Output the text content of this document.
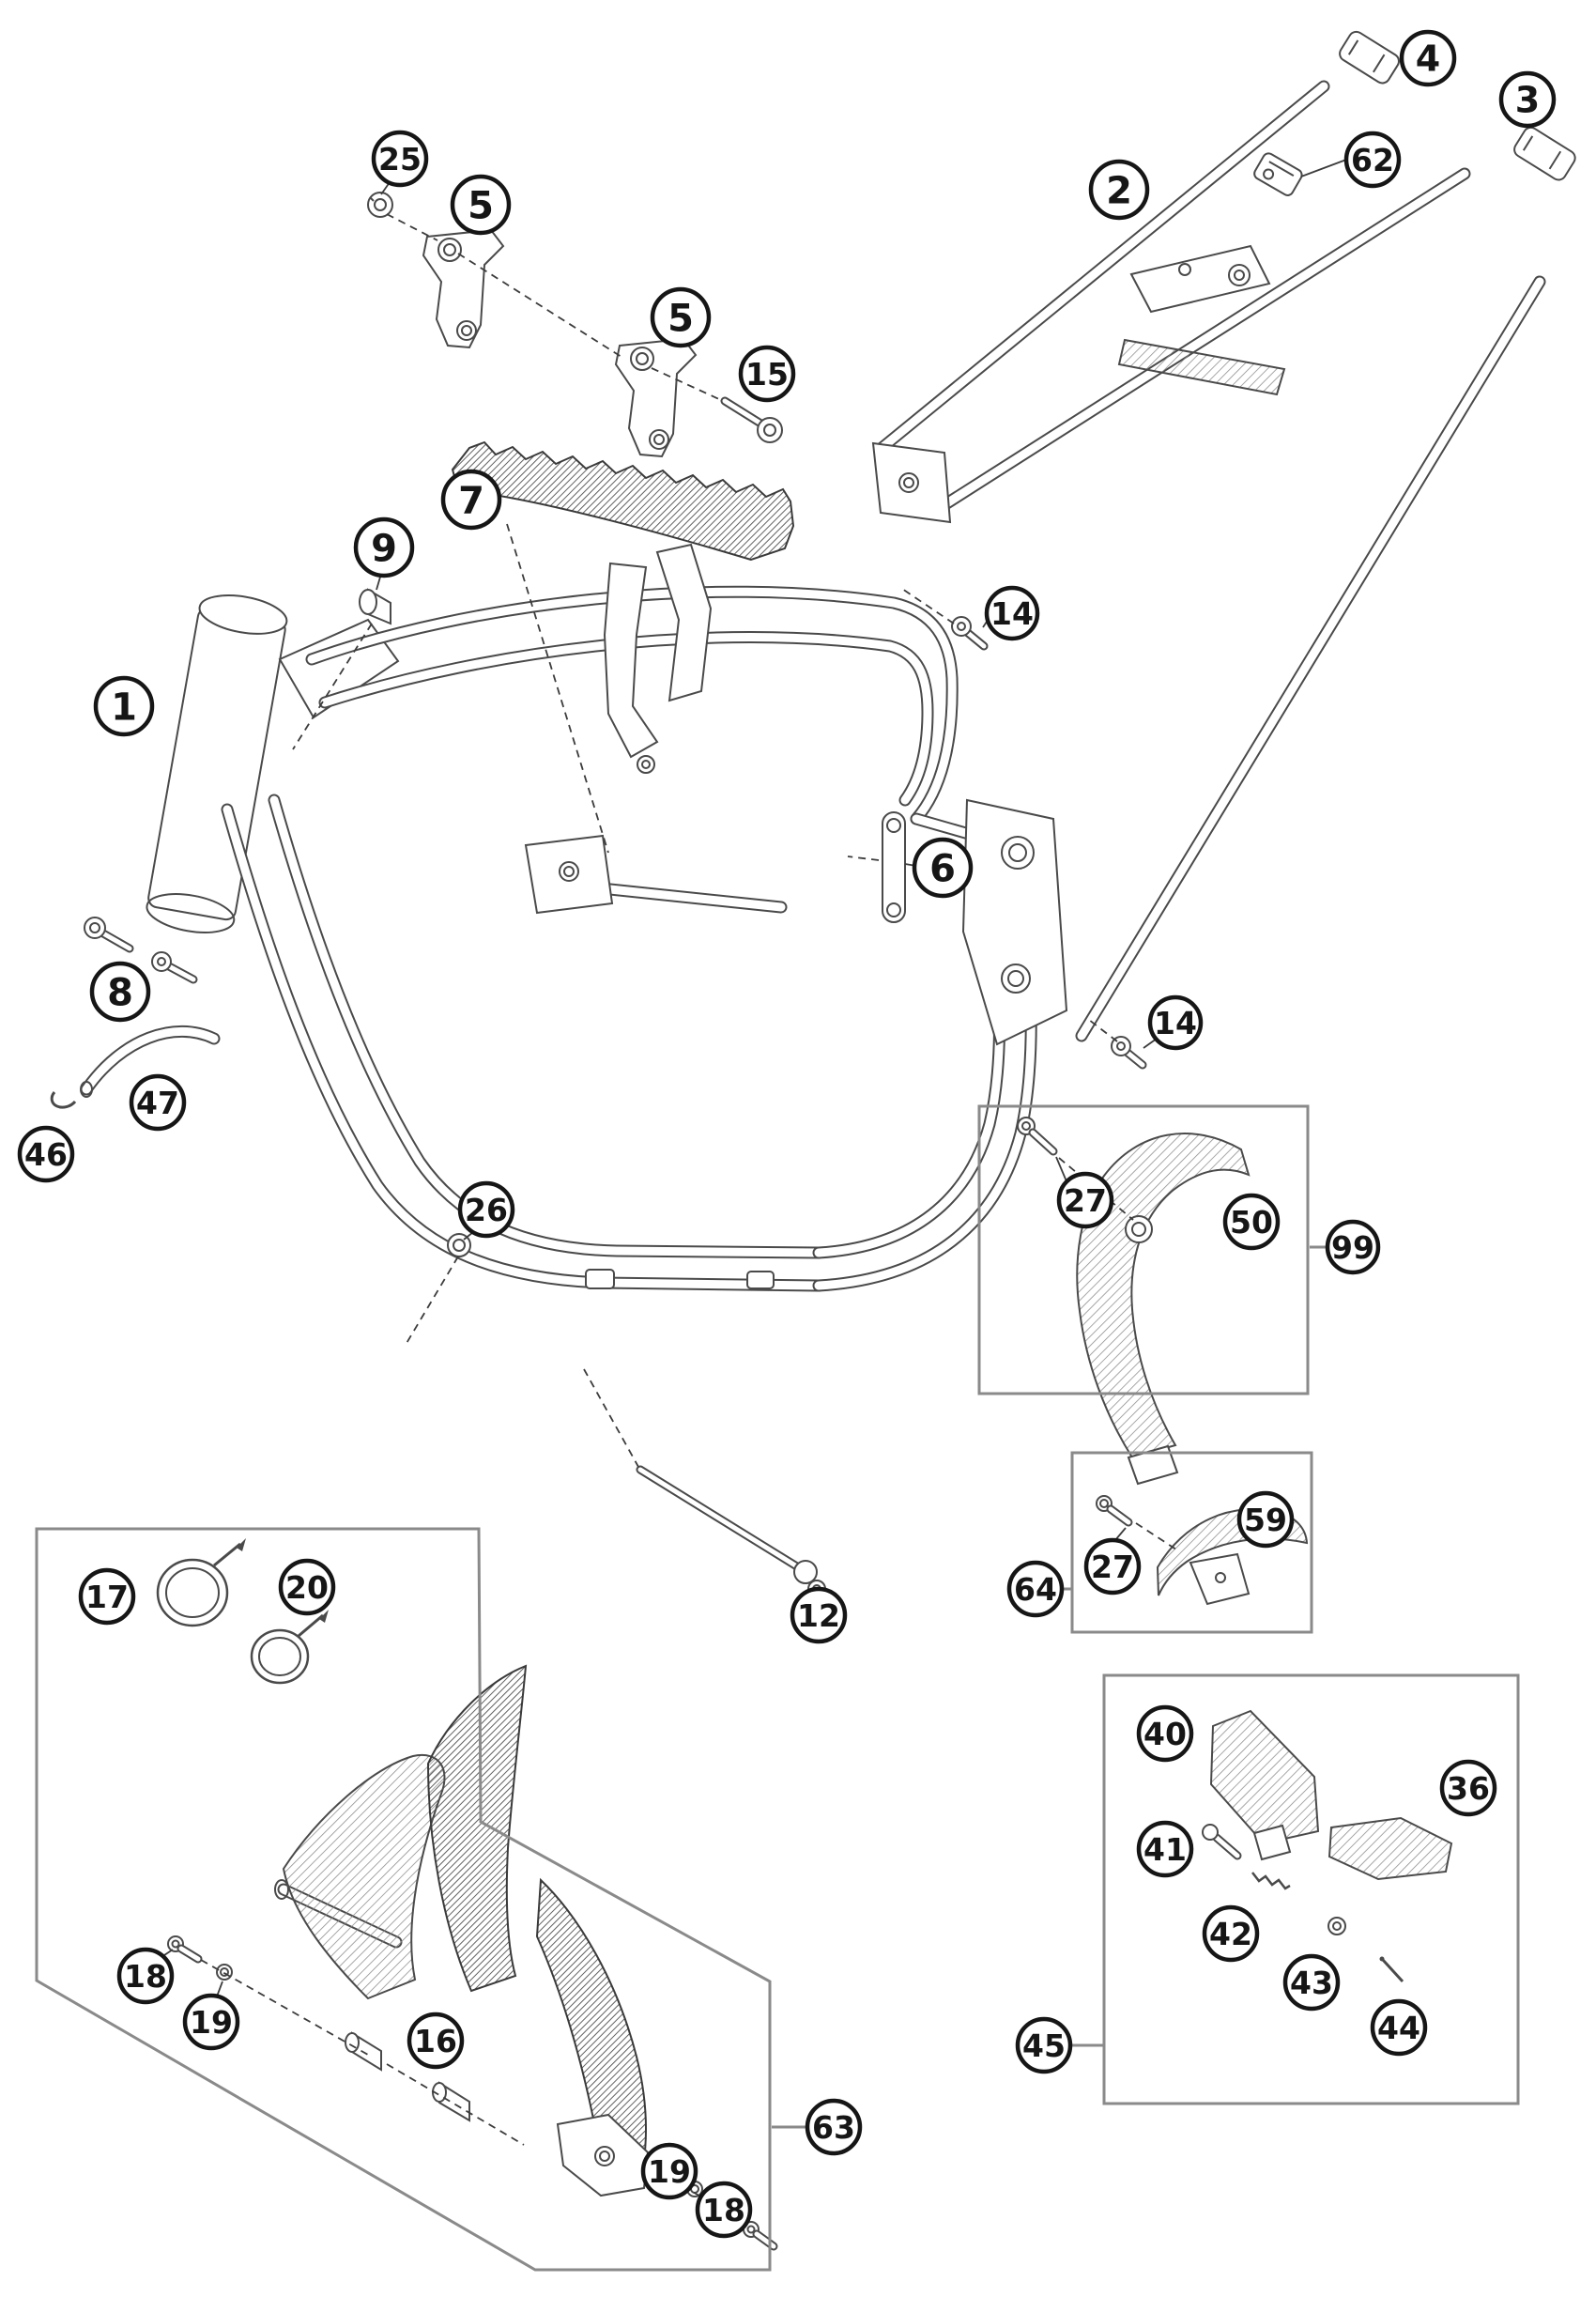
1
2
3
4
5
5
15
25
7
9
62
14
6
14
8
47
46
26	27
50
99
12
64
27
59
17	20
40
36
41
42
43
44
45
18
19
16
19
18
63
